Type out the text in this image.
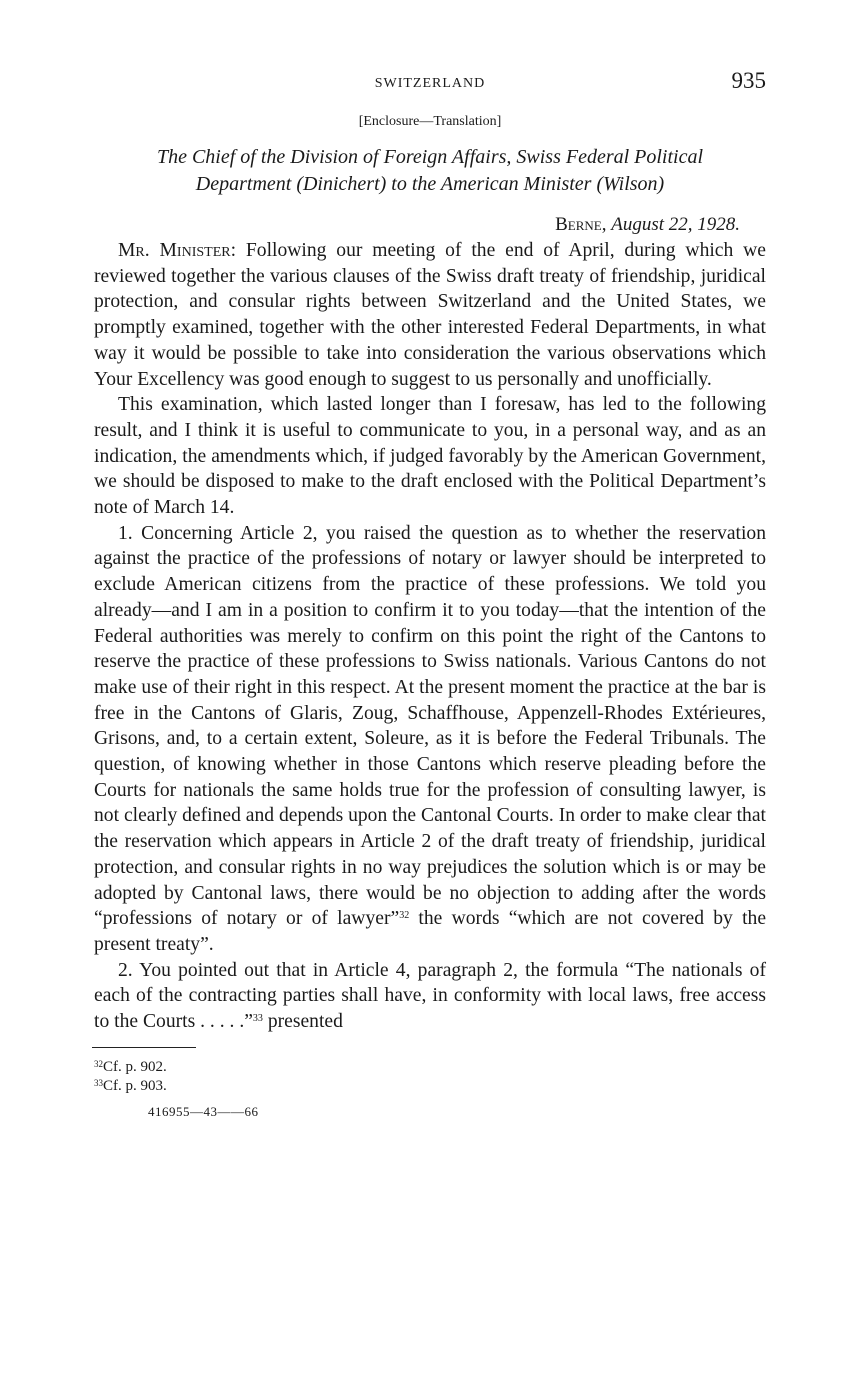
SWITZERLAND	935
[Enclosure—Translation]
The Chief of the Division of Foreign Affairs, Swiss Federal Political
Department (Dinichert) to the American Minister (Wilson)
Berne, August 22, 1928.

Mr. Minister: Following our meeting of the end of April, during which we reviewed together the various clauses of the Swiss draft treaty of friendship, juridical protection, and consular rights between Switzerland and the United States, we promptly examined, together with the other interested Federal Departments, in what way it would be possible to take into consideration the various observations which Your Excellency was good enough to suggest to us personally and unofficially.

This examination, which lasted longer than I foresaw, has led to the following result, and I think it is useful to communicate to you, in a personal way, and as an indication, the amendments which, if judged favorably by the American Government, we should be disposed to make to the draft enclosed with the Political Department’s note of March 14.

1. Concerning Article 2, you raised the question as to whether the reservation against the practice of the professions of notary or lawyer should be interpreted to exclude American citizens from the practice of these professions. We told you already—and I am in a position to confirm it to you today—that the intention of the Federal authorities was merely to confirm on this point the right of the Cantons to reserve the practice of these professions to Swiss nationals. Various Cantons do not make use of their right in this respect. At the present moment the practice at the bar is free in the Cantons of Glaris, Zoug, Schaffhouse, Appenzell-Rhodes Extérieures, Grisons, and, to a certain extent, Soleure, as it is before the Federal Tribunals. The question, of knowing whether in those Cantons which reserve pleading before the Courts for nationals the same holds true for the profession of consulting lawyer, is not clearly defined and depends upon the Cantonal Courts. In order to make clear that the reservation which appears in Article 2 of the draft treaty of friendship, juridical protection, and consular rights in no way prejudices the solution which is or may be adopted by Cantonal laws, there would be no objection to adding after the words “professions of notary or of lawyer”$^{32}$ the words “which are not covered by the present treaty”.

2. You pointed out that in Article 4, paragraph 2, the formula “The nationals of each of the contracting parties shall have, in conformity with local laws, free access to the Courts . . . . .”$^{33}$ presented

$^{32}$Cf. p. 902.
$^{33}$Cf. p. 903.
416955—43——66
